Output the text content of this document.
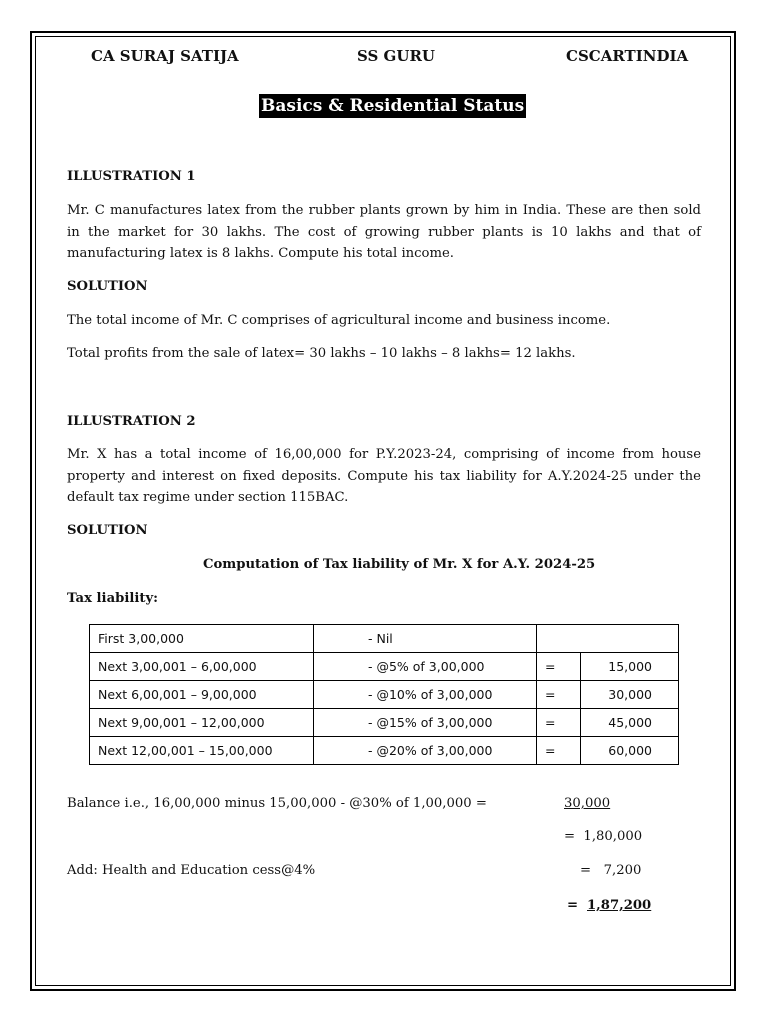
CA SURAJ SATIJA	SS GURU	CSCARTINDIA
Basics & Residential Status
ILLUSTRATION 1
Mr. C manufactures latex from the rubber plants grown by him in India. These are then sold in the market for 30 lakhs. The cost of growing rubber plants is 10 lakhs and that of manufacturing latex is 8 lakhs. Compute his total income.
SOLUTION
The total income of Mr. C comprises of agricultural income and business income.
Total profits from the sale of latex= 30 lakhs – 10 lakhs – 8 lakhs= 12 lakhs.
ILLUSTRATION 2
Mr. X has a total income of 16,00,000 for P.Y.2023-24, comprising of income from house property and interest on fixed deposits. Compute his tax liability for A.Y.2024-25 under the default tax regime under section 115BAC.
SOLUTION
Computation of Tax liability of Mr. X for A.Y. 2024-25
Tax liability:
First 3,00,000	- Nil		
Next 3,00,001 – 6,00,000	- @5% of 3,00,000	=	15,000
Next 6,00,001 – 9,00,000	- @10% of 3,00,000	=	30,000
Next 9,00,001 – 12,00,000	- @15% of 3,00,000	=	45,000
Next 12,00,001 – 15,00,000	- @20% of 3,00,000	=	60,000
Balance i.e., 16,00,000 minus 15,00,000 - @30% of 1,00,000 =	30,000
=  1,80,000
Add: Health and Education cess@4%	=   7,200
= 1,87,200
